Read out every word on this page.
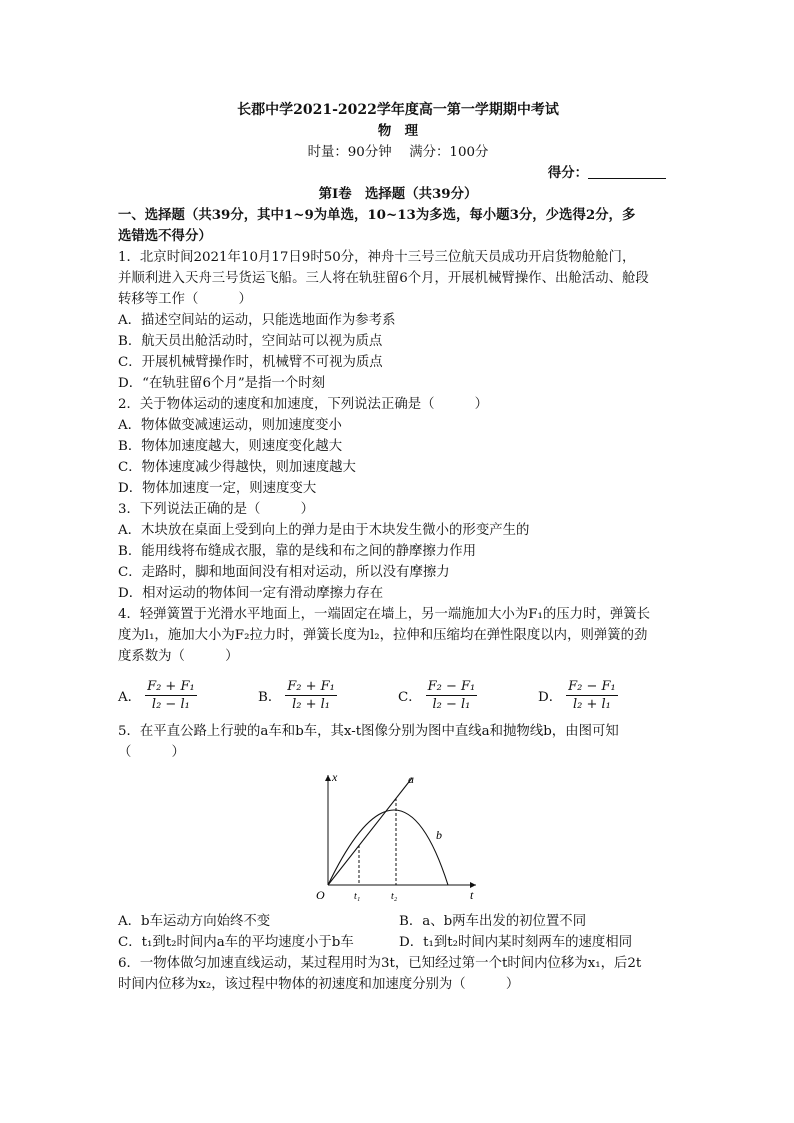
长郡中学2021-2022学年度高一第一学期期中考试
物　理
时量：90分钟　 满分：100分
得分：
第Ⅰ卷　选择题（共39分）
一、选择题（共39分，其中1~9为单选，10~13为多选，每小题3分，少选得2分，多
选错选不得分）
1．北京时间2021年10月17日9时50分，神舟十三号三位航天员成功开启货物舱舱门，
并顺利进入天舟三号货运飞船。三人将在轨驻留6个月，开展机械臂操作、出舱活动、舱段
转移等工作（　　　）
A．描述空间站的运动，只能选地面作为参考系
B．航天员出舱活动时，空间站可以视为质点
C．开展机械臂操作时，机械臂不可视为质点
D．“在轨驻留6个月”是指一个时刻
2．关于物体运动的速度和加速度，下列说法正确是（　　　）
A．物体做变减速运动，则加速度变小
B．物体加速度越大，则速度变化越大
C．物体速度减少得越快，则加速度越大
D．物体加速度一定，则速度变大
3．下列说法正确的是（　　　）
A．木块放在桌面上受到向上的弹力是由于木块发生微小的形变产生的
B．能用线将布缝成衣服，靠的是线和布之间的静摩擦力作用
C．走路时，脚和地面间没有相对运动，所以没有摩擦力
D．相对运动的物体间一定有滑动摩擦力存在
4．轻弹簧置于光滑水平地面上，一端固定在墙上，另一端施加大小为F₁的压力时，弹簧长
度为l₁，施加大小为F₂拉力时，弹簧长度为l₂，拉伸和压缩均在弹性限度以内，则弹簧的劲
度系数为（　　　）
A． $\frac{\text{F₂ + F₁}}{\text{l₂ − l₁}}$	B． $\frac{\text{F₂ + F₁}}{\text{l₂ + l₁}}$	C． $\frac{\text{F₂ − F₁}}{\text{l₂ − l₁}}$	D． $\frac{\text{F₂ − F₁}}{\text{l₂ + l₁}}$
5．在平直公路上行驶的a车和b车，其x-t图像分别为图中直线a和抛物线b，由图可知
（　　　）
x
t
O	t₁	t₂
a
b
A．b车运动方向始终不变	B．a、b两车出发的初位置不同
C．t₁到t₂时间内a车的平均速度小于b车	D．t₁到t₂时间内某时刻两车的速度相同
6．一物体做匀加速直线运动，某过程用时为3t，已知经过第一个t时间内位移为x₁，后2t
时间内位移为x₂，该过程中物体的初速度和加速度分别为（　　　）
